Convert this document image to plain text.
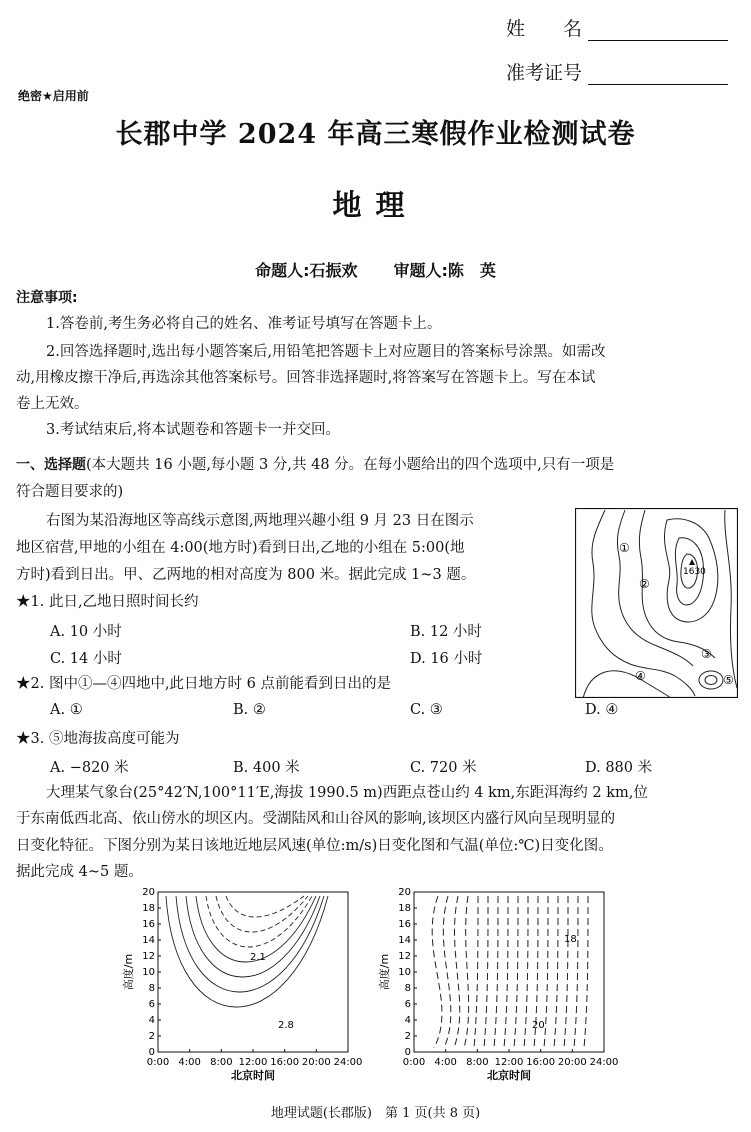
姓　　名
准考证号
绝密★启用前
长郡中学 2024 年高三寒假作业检测试卷
地理
命题人:石振欢 审题人:陈　英
注意事项:
1.答卷前,考生务必将自己的姓名、准考证号填写在答题卡上。
2.回答选择题时,选出每小题答案后,用铅笔把答题卡上对应题目的答案标号涂黑。如需改
动,用橡皮擦干净后,再选涂其他答案标号。回答非选择题时,将答案写在答题卡上。写在本试
卷上无效。
3.考试结束后,将本试题卷和答题卡一并交回。
一、选择题(本大题共 16 小题,每小题 3 分,共 48 分。在每小题给出的四个选项中,只有一项是
符合题目要求的)
右图为某沿海地区等高线示意图,两地理兴趣小组 9 月 23 日在图示
地区宿营,甲地的小组在 4:00(地方时)看到日出,乙地的小组在 5:00(地
方时)看到日出。甲、乙两地的相对高度为 800 米。据此完成 1~3 题。	1630
①
②
③
④	⑤
★1. 此日,乙地日照时间长约
A. 10 小时	B. 12 小时
C. 14 小时	D. 16 小时
★2. 图中①—④四地中,此日地方时 6 点前能看到日出的是
A. ①	B. ②	C. ③	D. ④
★3. ⑤地海拔高度可能为
A. −820 米	B. 400 米	C. 720 米	D. 880 米
大理某气象台(25°42′N,100°11′E,海拔 1990.5 m)西距点苍山约 4 km,东距洱海约 2 km,位
于东南低西北高、依山傍水的坝区内。受湖陆风和山谷风的影响,该坝区内盛行风向呈现明显的
日变化特征。下图分别为某日该地近地层风速(单位:m/s)日变化图和气温(单位:℃)日变化图。
据此完成 4~5 题。
0
2
4
6
8
10
12
14
16
18
20
0:00 4:00 8:00 12:00 16:00 20:00 24:00
北京时间
高度/m	2.1
2.8
0
2
4
6
8
10
12
14
16
18
20
0:00 4:00 8:00 12:00 16:00 20:00 24:00
北京时间
高度/m
18
20
地理试题(长郡版)　第 1 页(共 8 页)
